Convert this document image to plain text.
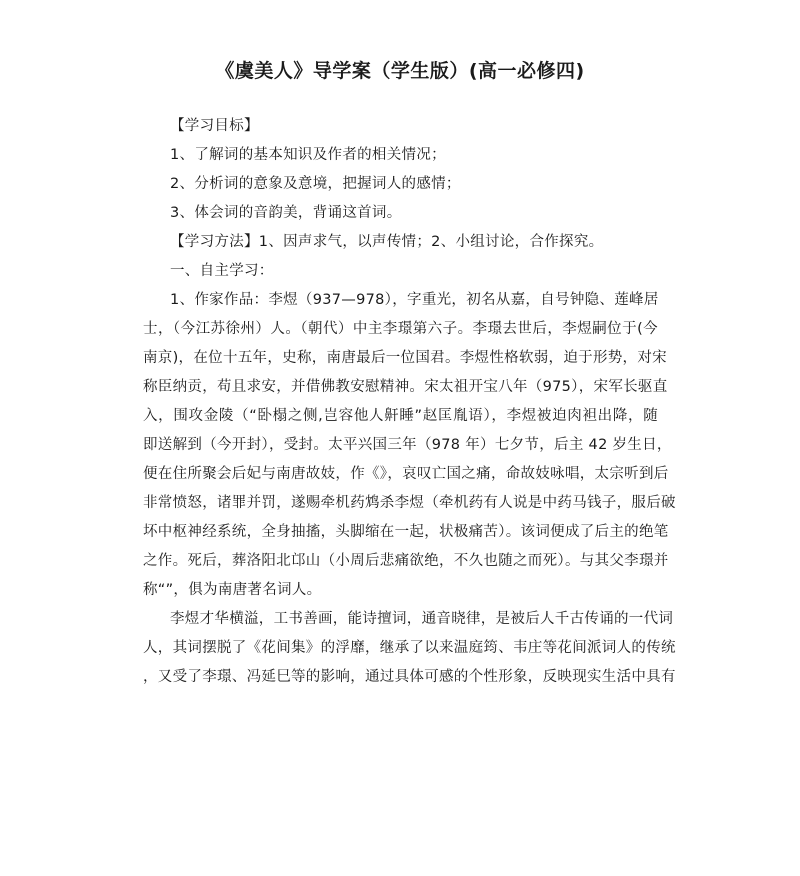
《虞美人》导学案（学生版）(高一必修四)
【学习目标】
1、了解词的基本知识及作者的相关情况；
2、分析词的意象及意境，把握词人的感情；
3、体会词的音韵美，背诵这首词。
【学习方法】1、因声求气，以声传情；2、小组讨论，合作探究。
一、自主学习：
1、作家作品：李煜（937—978），字重光，初名从嘉，自号钟隐、莲峰居
士，（今江苏徐州）人。（朝代）中主李璟第六子。李璟去世后，李煜嗣位于(今
南京)，在位十五年，史称，南唐最后一位国君。李煜性格软弱，迫于形势，对宋
称臣纳贡，苟且求安，并借佛教安慰精神。宋太祖开宝八年（975），宋军长驱直
入，围攻金陵（“卧榻之侧,岂容他人鼾睡”赵匡胤语），李煜被迫肉袒出降，随
即送解到（今开封），受封。太平兴国三年（978 年）七夕节，后主 42 岁生日，
便在住所聚会后妃与南唐故妓，作《》，哀叹亡国之痛，命故妓咏唱，太宗听到后
非常愤怒，诸罪并罚，遂赐牵机药鸩杀李煜（牵机药有人说是中药马钱子，服后破
坏中枢神经系统，全身抽搐，头脚缩在一起，状极痛苦）。该词便成了后主的绝笔
之作。死后，葬洛阳北邙山（小周后悲痛欲绝，不久也随之而死）。与其父李璟并
称“”，俱为南唐著名词人。
李煜才华横溢，工书善画，能诗擅词，通音晓律，是被后人千古传诵的一代词
人，其词摆脱了《花间集》的浮靡，继承了以来温庭筠、韦庄等花间派词人的传统
，又受了李璟、冯延巳等的影响，通过具体可感的个性形象，反映现实生活中具有
